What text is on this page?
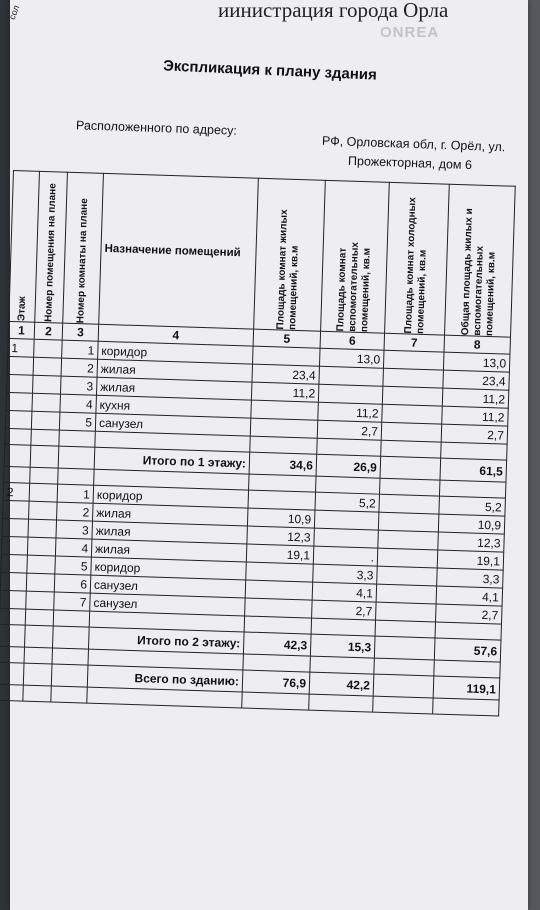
сол	иинистрация города Орла
ONREA
Экспликация к плану здания
Расположенного по адресу:
РФ, Орловская обл, г. Орёл, ул.
Прожекторная, дом 6
Этаж	Номер помещения на плане	Номер комнаты на плане	Назначение помещений	Площадь комнат жилых помещений, кв.м	Площадь комнат вспомогательных помещений, кв.м	Площадь комнат холодных помещений, кв.м	Общая площадь жилых и вспомогательных помещений, кв.м

1	2	3	4	5	6	7	8
1		1	коридор		13,0		13,0
		2	жилая	23,4			23,4
		3	жилая	11,2			11,2
		4	кухня		11,2		11,2
		5	санузел		2,7		2,7

			Итого по 1 этажу:	34,6	26,9		61,5

2		1	коридор		5,2		5,2
		2	жилая	10,9			10,9
		3	жилая	12,3			12,3
		4	жилая	19,1	.		19,1
		5	коридор		3,3		3,3
		6	санузел		4,1		4,1
		7	санузел		2,7		2,7

			Итого по 2 этажу:	42,3	15,3		57,6

			Всего по зданию:	76,9	42,2		119,1
